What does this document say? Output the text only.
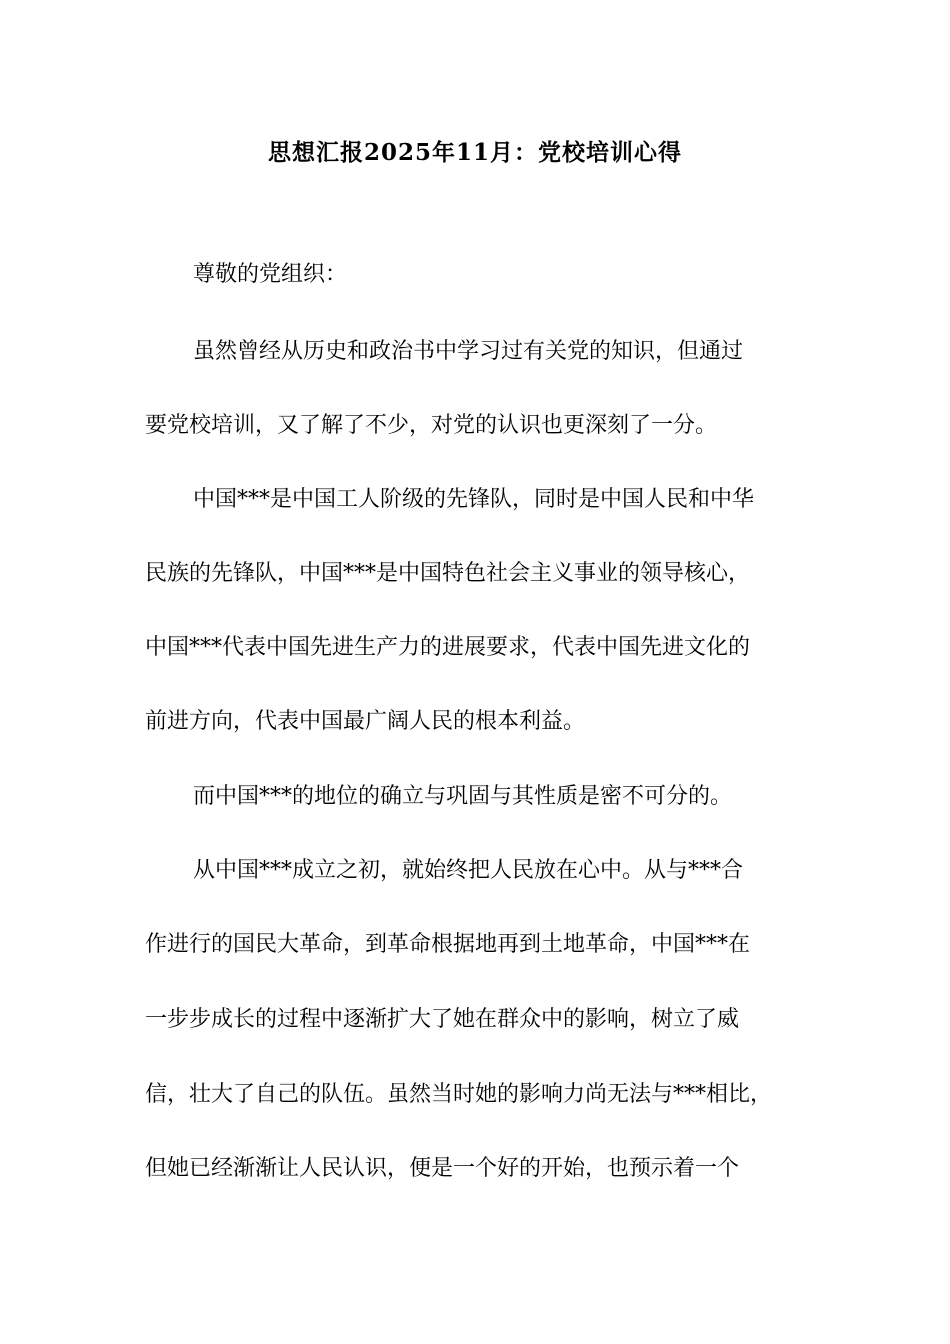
思想汇报2025年11月：党校培训心得

尊敬的党组织：

虽然曾经从历史和政治书中学习过有关党的知识，但通过

要党校培训，又了解了不少，对党的认识也更深刻了一分。

中国***是中国工人阶级的先锋队，同时是中国人民和中华

民族的先锋队，中国***是中国特色社会主义事业的领导核心，

中国***代表中国先进生产力的进展要求，代表中国先进文化的

前进方向，代表中国最广阔人民的根本利益。

而中国***的地位的确立与巩固与其性质是密不可分的。

从中国***成立之初，就始终把人民放在心中。从与***合

作进行的国民大革命，到革命根据地再到土地革命，中国***在

一步步成长的过程中逐渐扩大了她在群众中的影响，树立了威

信，壮大了自己的队伍。虽然当时她的影响力尚无法与***相比，

但她已经渐渐让人民认识，便是一个好的开始，也预示着一个
